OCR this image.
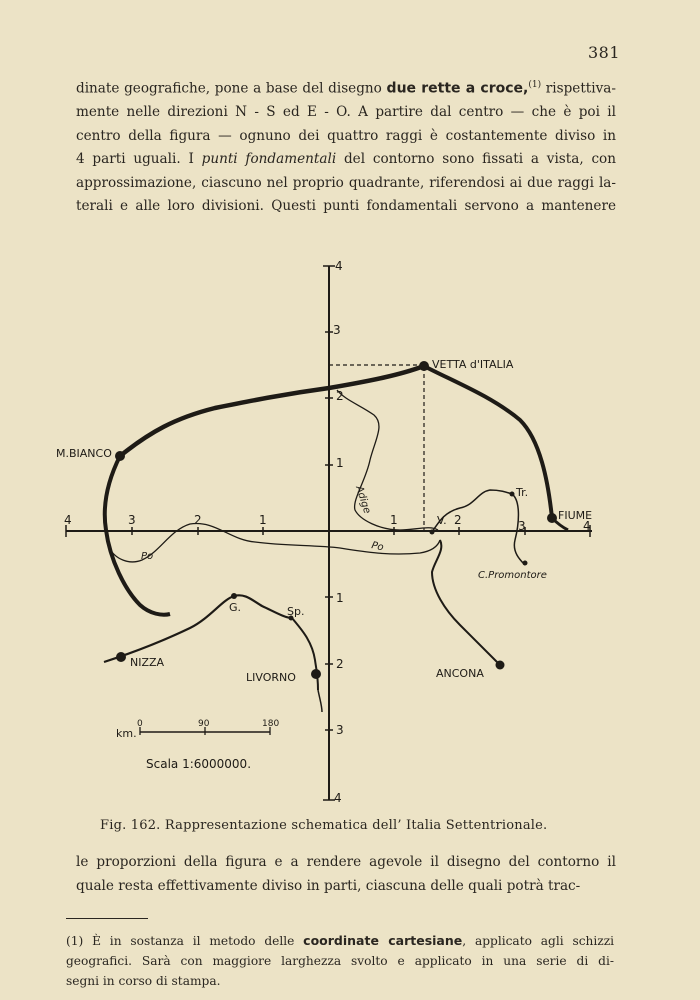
381
dinate geografiche, pone a base del disegno due rette a croce,$^{(1)}$ rispettiva-
mente nelle direzioni N - S ed E - O. A partire dal centro — che è poi il
centro della figura — ognuno dei quattro raggi è costantemente diviso in
4 parti uguali. I punti fondamentali del contorno sono fissati a vista, con
approssimazione, ciascuno nel proprio quadrante, riferendosi ai due raggi la-
terali e alle loro divisioni. Questi punti fondamentali servono a mantenere
1
2
3
4
1
2
3
4
1
2
3
4	1	2	3	4
VETTA d'ITALIA
M.BIANCO
FIUME
NIZZA
LIVORNO	ANCONA
G.	Sp.
V.
Tr.
C.Promontore
Po
Po
Adige
km.
0	90	180
Scala 1:6000000.
Fig. 162. Rappresentazione schematica dell’ Italia Settentrionale.
le proporzioni della figura e a rendere agevole il disegno del contorno il
quale resta effettivamente diviso in parti, ciascuna delle quali potrà trac-
(1) È in sostanza il metodo delle coordinate cartesiane, applicato agli schizzi
geografici. Sarà con maggiore larghezza svolto e applicato in una serie di di-
segni in corso di stampa.
